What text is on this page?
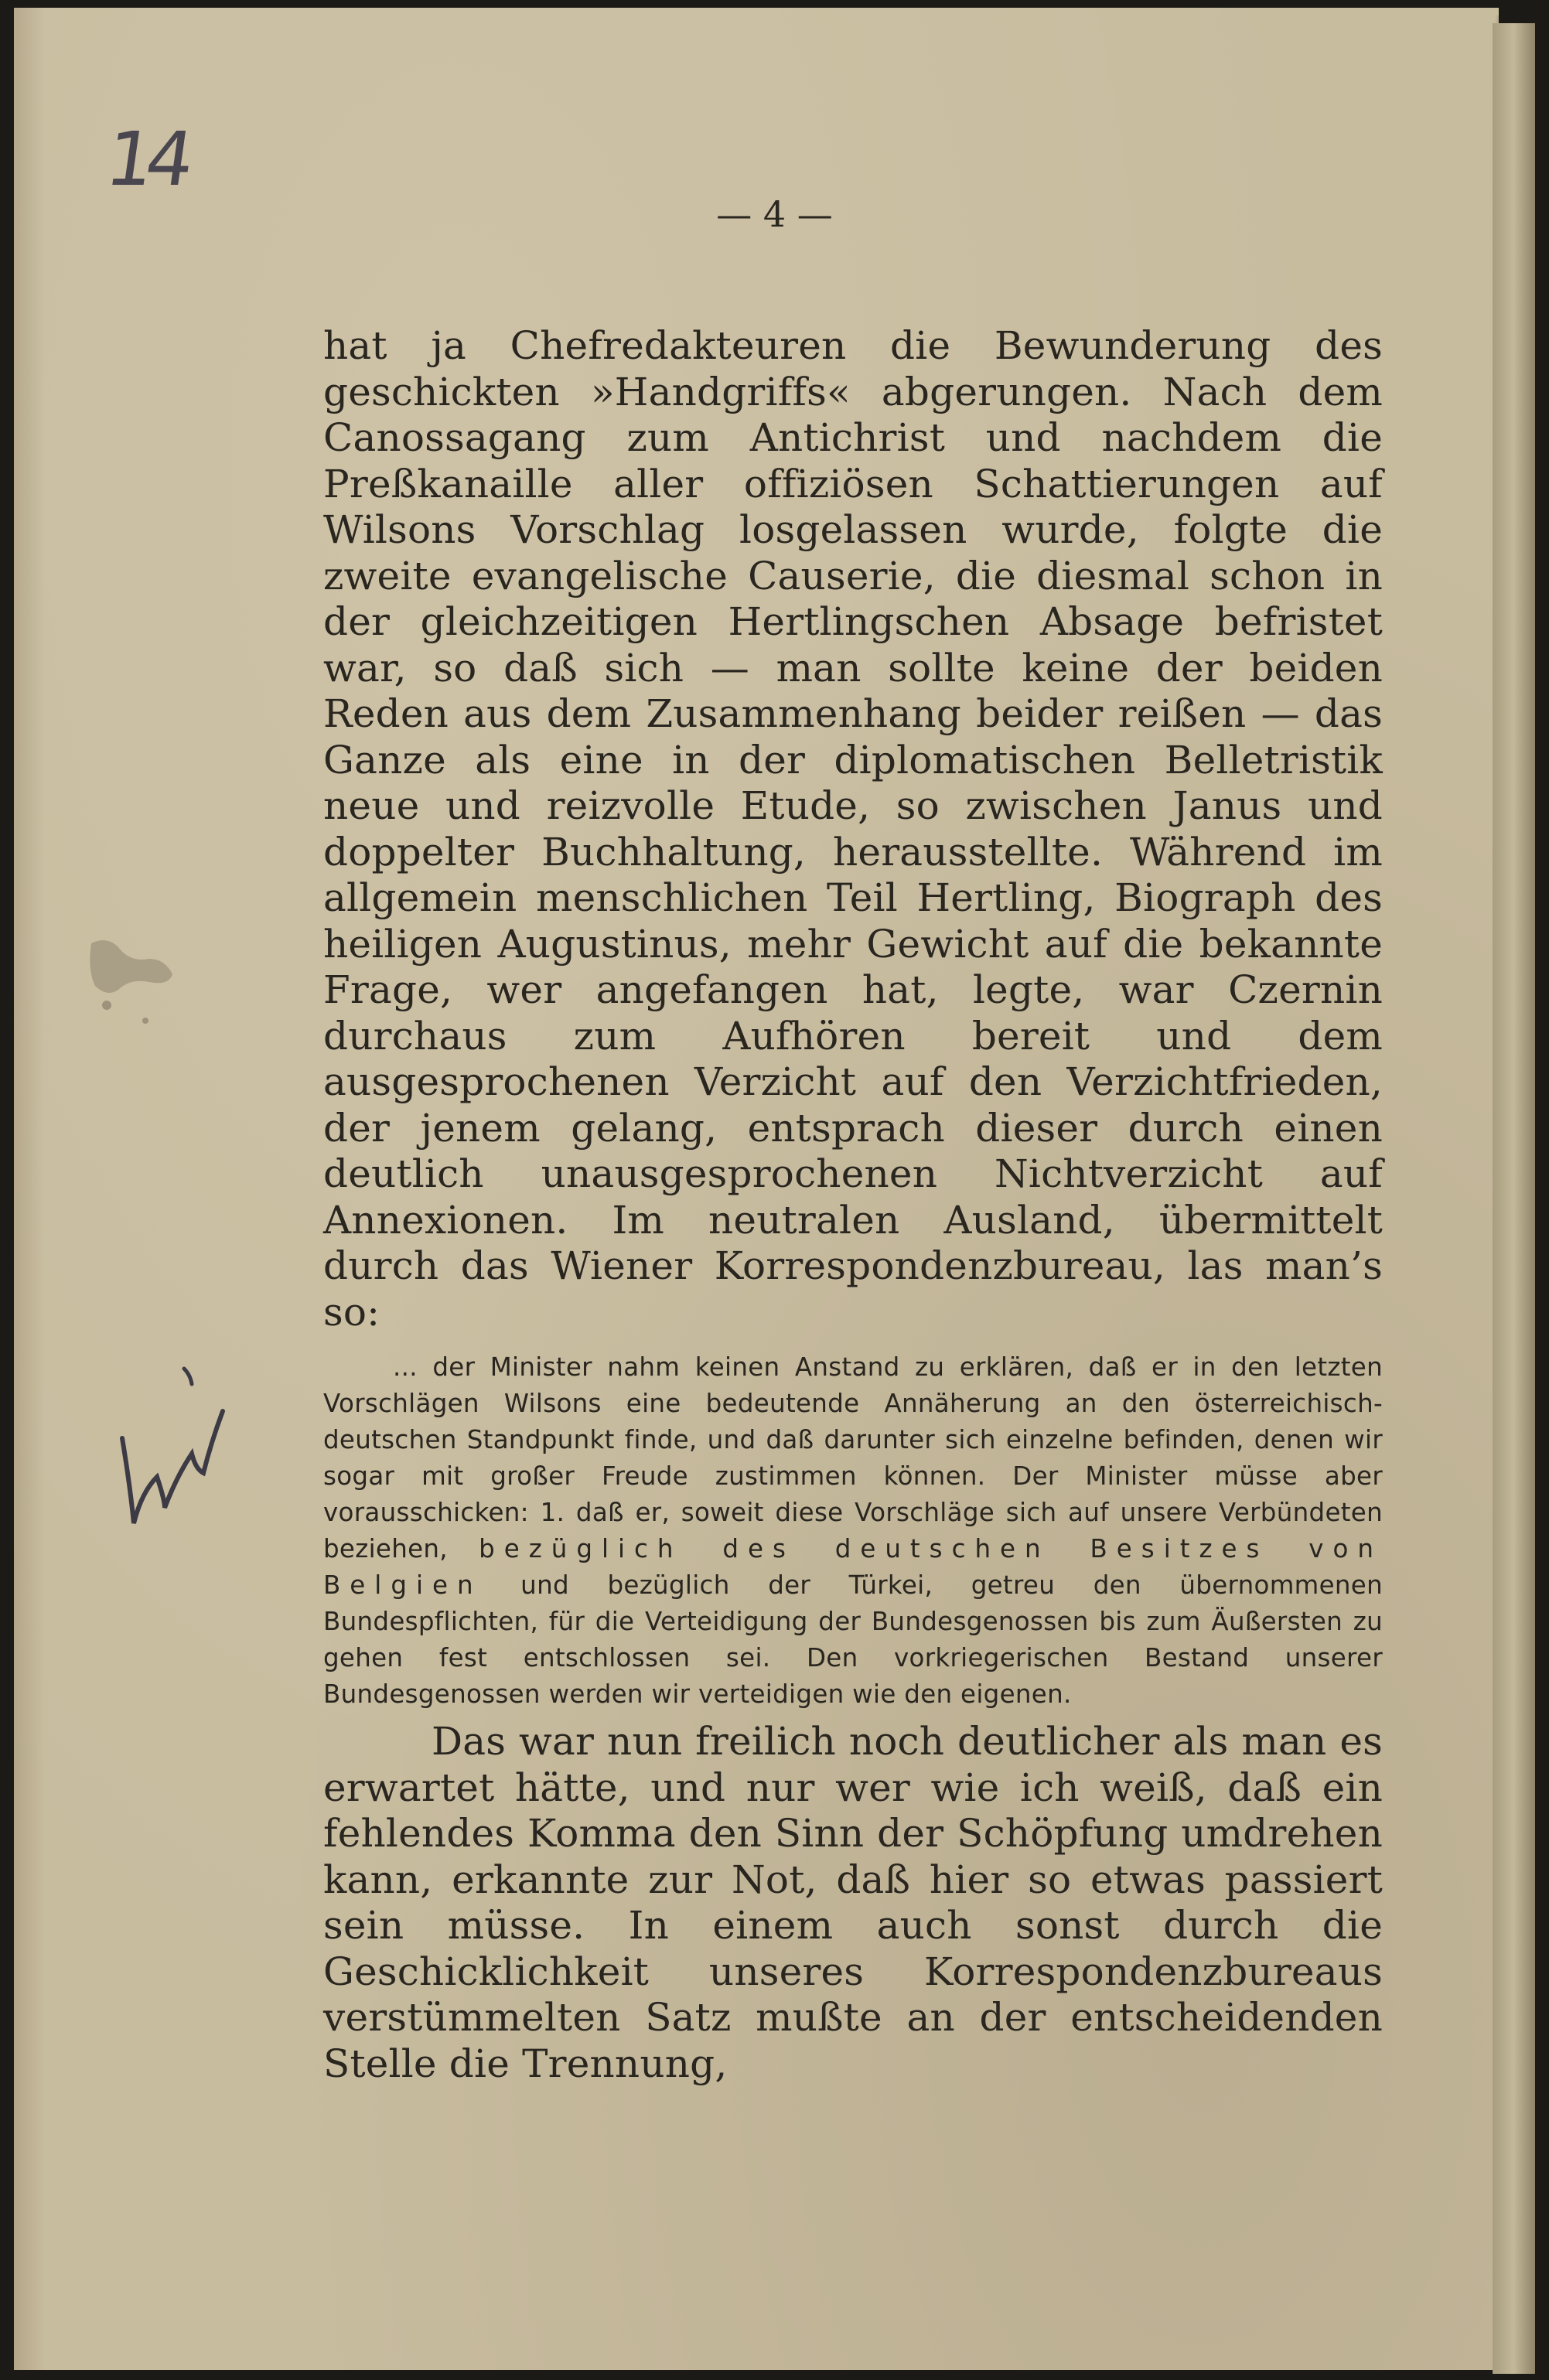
14
— 4 —

hat ja Chefredakteuren die Bewunderung des geschickten »Handgriffs« abgerungen. Nach dem Canossagang zum Antichrist und nachdem die Preßkanaille aller offiziösen Schattierungen auf Wilsons Vorschlag losgelassen wurde, folgte die zweite evangelische Causerie, die diesmal schon in der gleichzeitigen Hertlingschen Absage befristet war, so daß sich — man sollte keine der beiden Reden aus dem Zusammenhang beider reißen — das Ganze als eine in der diplomatischen Belletristik neue und reizvolle Etude, so zwischen Janus und doppelter Buchhaltung, herausstellte. Während im allgemein menschlichen Teil Hertling, Biograph des heiligen Augustinus, mehr Gewicht auf die bekannte Frage, wer angefangen hat, legte, war Czernin durchaus zum Aufhören bereit und dem ausgesprochenen Verzicht auf den Verzichtfrieden, der jenem gelang, entsprach dieser durch einen deutlich unausgesprochenen Nichtverzicht auf Annexionen. Im neutralen Ausland, übermittelt durch das Wiener Korrespondenzbureau, las man’s so:

... der Minister nahm keinen Anstand zu erklären, daß er in den letzten Vorschlägen Wilsons eine bedeutende Annäherung an den österreichisch-deutschen Standpunkt finde, und daß darunter sich einzelne befinden, denen wir sogar mit großer Freude zustimmen können. Der Minister müsse aber vorausschicken: 1. daß er, soweit diese Vorschläge sich auf unsere Verbündeten beziehen, bezüglich des deutschen Besitzes von Belgien und bezüglich der Türkei, getreu den übernommenen Bundespflichten, für die Verteidigung der Bundesgenossen bis zum Äußersten zu gehen fest entschlossen sei. Den vorkriegerischen Bestand unserer Bundesgenossen werden wir verteidigen wie den eigenen.

Das war nun freilich noch deutlicher als man es erwartet hätte, und nur wer wie ich weiß, daß ein fehlendes Komma den Sinn der Schöpfung umdrehen kann, erkannte zur Not, daß hier so etwas passiert sein müsse. In einem auch sonst durch die Geschicklichkeit unseres Korrespondenzbureaus verstümmelten Satz mußte an der entscheidenden Stelle die Trennung,
